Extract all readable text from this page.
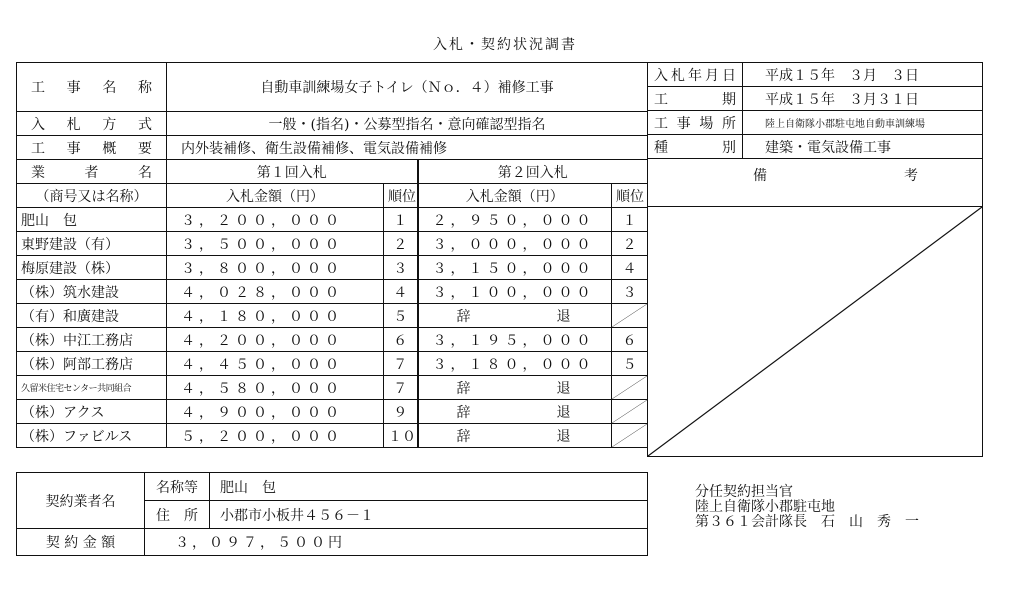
入札・契約状況調書
工　事　名　称	自動車訓練場女子トイレ（Ｎｏ．４）補修工事			
入　札　方　式	一般・(指名)・公募型指名・意向確認型指名			
工　事　概　要	内外装補修、衛生設備補修、電気設備補修			
業　者　名	第１回入札		第２回入札	
（商号又は名称）	入札金額（円）	順位	入札金額（円）	順位
肥山　包	３，２００，０００	１	２，９５０，０００	１
東野建設（有）	３，５００，０００	２	３，０００，０００	２
梅原建設（株）	３，８００，０００	３	３，１５０，０００	４
（株）筑水建設	４，０２８，０００	４	３，１００，０００	３
（有）和廣建設	４，１８０，０００	５	辞 退	

（株）中江工務店	４，２００，０００	６	３，１９５，０００	６
（株）阿部工務店	４，４５０，０００	７	３，１８０，０００	５
久留米住宅センター共同組合	４，５８０，０００	７	辞 退	

（株）アクス	４，９００，０００	９	辞 退	

（株）ファビルス	５，２００，０００	１０	辞 退	
入札年月日	平成１５年　３月　３日
工　　　期	平成１５年　３月３１日
工事場所	陸上自衛隊小郡駐屯地自動車訓練場
種　　　別	建築・電気設備工事

備 考	

契約業者名	名称等	肥山　包
	住　所	小郡市小板井４５６－１
契 約 金 額	３，０９７，５００円	
分任契約担当官
陸上自衛隊小郡駐屯地
第３６１会計隊長　石　山　秀　一
